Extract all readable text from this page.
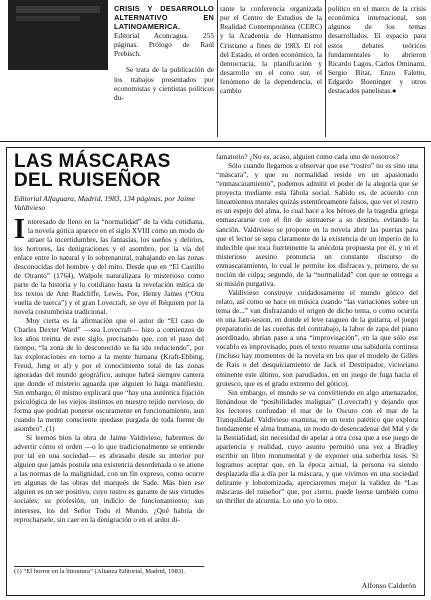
CRISIS Y DESARROLLO ALTERNATIVO EN LATINOAMERICA.

Editorial Aconcagua. 255 páginas. Prólogo de Raúl Prebisch.

Se trata de la publicación de los trabajos presentados por economistas y cientistas políticos du-

rante la conferencia organizada por el Centro de Estudios de la Realidad Contemporánea (CERC) y la Academia de Humanismo Cristiano a fines de 1983. El rol del Estado, el orden económico, la democracia, la planificación y desarrollo en el cono sur, el fenómeno de la dependencia, el cambio

político en el marco de la crisis económica internacional, son algunos de los temas desarrollados. El espacio para estos debates teóricos fundamentales lo abrieron Ricardo Lagos, Carlos Ominami, Sergio Bitar, Enzo Faletto, Edgardo Boeninger y otros destacados panelistas.●

LAS MÁSCARAS DEL RUISEÑOR
Editorial Alfaguara, Madrid, 1983, 134 páginas, por Jaime Valdivieso

Interesado de lleno en la “normalidad” de la vida cotidiana, la novela gótica aparece en el siglo XVIII como un modo de atraer la incertidumbre, las fantasías, los sueños y delirios, los horrores, las denigraciones y el asombro, por la vía del enlace entre lo natural y lo sobrenatural, trabajando en las zonas desconocidas del hombre y del mito. Desde que en “El Castillo de Otranto” (1764), Walpole naturalizara lo misterioso como parte de la historia y lo cotidiano hasta la revelación mítica de los textos de Ann Radcliffe, Lewis, Poe, Henry James (“Otra vuelta de tuerca”) y el gran Lovecraft, se oye el Réquiem por la novela costumbrista tradicional.

Muy cierta es la afirmación que el autor de “El caso de Charles Dexter Ward” —sea Lovecraft— hizo a comienzos de los años treinta de este siglo, precisando que, con el paso del tiempo, “la zona de lo desconocido se ha ido reduciendo”, por las exploraciones en torno a la mente humana (Kraft-Ebbing, Freud, Jung et al) y por el conocimiento total de las zonas ignoradas del mundo geográfico, aunque habrá siempre cantera que donde el misterio aguarda que alguien lo haga manifiesto. Sin embargo, él mismo explicará que “hay una auténtica fijación psicológica de los viejos instintos en nuestro tejido nervioso, de forma que podrían ponerse oscuramente en funcionamiento, aun cuando la mente consciente quedase purgada de toda fuente de asombro”. (1)

Si leemos bien la obra de Jaime Valdivieso, habremos de advertir cómo el orden —o lo que tradicionalmente se entiende por tal en una sociedad— es abrasado desde su interior por alguien que jamás postula una existencia desordenada o se atiene a las normas de la malignidad, con un fin expreso, como ocurre en algunas de las obras del marqués de Sade. Más bien ese alguien es un ser positivo, cuyo rostro es garante de sus virtudes sociales; su profesión, un indicio de funcionamiento; sus intereses, los del Señor Todo el Mundo. ¿Qué habría de reprocharsele, sin caer en la denigración o en el ardor di-

(1) “El horror en la literatura” (Alianza Editorial, Madrid, 1983).

famatorio? ¿No es, acaso, alguien como cada uno de nosotros?

Sólo cuando llegamos a observar que ese “rostro” no es sino una “máscara”, y que su normalidad reside en un apasionado “enmascaramiento”, podemos admitir el poder de la alegoría que se proyecta mediante esta fábula social. Sabido es, de acuerdo con lineamientos morales quizás estentóreamente falsos, que ver el rostro es un espejo del alma, lo cual hace a los héroes de la tragedia griega enmascararse con el fin de sustraerse a su destino, evitando la sanción. Valdivieso se propone en la novela abrir las puertas para que el lector se sepa claramente de la existencia de un imperio de lo indecible que toca fuertemente la anécdota propuesta por él, y ni el misterioso asesino pronuncia un constante discurso de enmascaramiento, lo cual le permite los disfraces y, primero, de su noción de culpa; segundo, de la “normalidad” con que se entrega a su misión purgativa.

Valdivieso construye cuidadosamente el mundo gótico del relato, así como se hace en música cuando “las variaciones sobre un tema de...” van disfrazando el origen de dicho tema, o como ocurría en una Jam-sesion, en donde el leve rasgueo de la guitarra, el juego preparatorio de las cuerdas del contrabajo, la labor de zapa del piano asordinado, abrían paso a una “improvisación”, en la que sólo ese vocablo es improvisado, pues el texto resume una sabiduría continua (incluso hay momentos de la novela en los que el modelo de Gilles de Rais o del desquiciamiento de Jack el Destripador, victoriano eminente este último, son parodiados, en un juego de fuga hacia el grotesco, que es el grado extremo del gótico).

Sin embargo, el mundo se va convirtiendo en algo amenazador, llenándose de “posibilidades malignas” (Lovecraft) y dejando que los lectores confundan el mar de lo Oscuro con el mar de la Tranquilidad. Valdivieso examina, en un texto patético que explora hondamente el alma humana, un modo de desencadenar del Mal y de la Bestialidad, sin necesidad de apelar a otra cosa que a ese juego de apariencia y realidad, cuyo asunto permitió una vez a Bradley escribir un libro monumental y de exponer una soberbia tesis. Si logramos aceptar que, en la época actual, la persona va siendo desplazada día a día por la máscara, y que vivimos en una sociedad delirante y lobotomizada, apreciaremos mejor la validez de “Las máscaras del ruiseñor” que, por cierto, puede leerse también como un thriller de alcurnia. Lo uno y/o lo otro.

Alfonso Calderón
